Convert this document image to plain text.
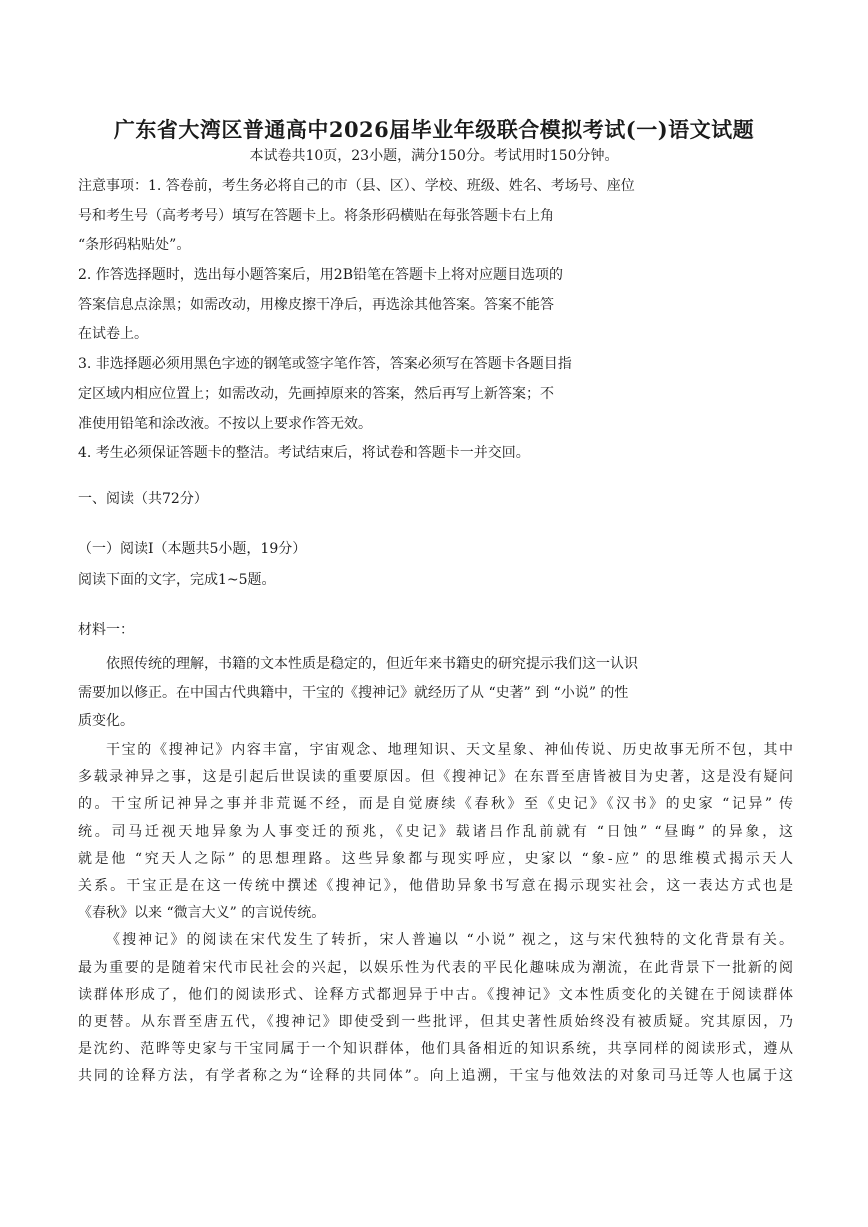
广东省大湾区普通高中2026届毕业年级联合模拟考试(一)语文试题
本试卷共10页，23小题，满分150分。考试用时150分钟。
注意事项：1. 答卷前，考生务必将自己的市（县、区）、学校、班级、姓名、考场号、座位
号和考生号（高考考号）填写在答题卡上。将条形码横贴在每张答题卡右上角
“条形码粘贴处”。
2. 作答选择题时，选出每小题答案后，用2B铅笔在答题卡上将对应题目选项的
答案信息点涂黑；如需改动，用橡皮擦干净后，再选涂其他答案。答案不能答
在试卷上。
3. 非选择题必须用黑色字迹的钢笔或签字笔作答，答案必须写在答题卡各题目指
定区域内相应位置上；如需改动，先画掉原来的答案，然后再写上新答案；不
准使用铅笔和涂改液。不按以上要求作答无效。
4. 考生必须保证答题卡的整洁。考试结束后，将试卷和答题卡一并交回。
一、阅读（共72分）
（一）阅读Ⅰ（本题共5小题，19分）
阅读下面的文字，完成1~5题。
材料一：
依照传统的理解，书籍的文本性质是稳定的，但近年来书籍史的研究提示我们这一认识
需要加以修正。在中国古代典籍中，干宝的《搜神记》就经历了从 “史著” 到 “小说” 的性
质变化。
干宝的《搜神记》内容丰富，宇宙观念、地理知识、天文星象、神仙传说、历史故事无所不包，其中
多载录神异之事，这是引起后世误读的重要原因。但《搜神记》在东晋至唐皆被目为史著，这是没有疑问
的。干宝所记神异之事并非荒诞不经，而是自觉赓续《春秋》至《史记》《汉书》的史家 “记异” 传
统。司马迁视天地异象为人事变迁的预兆，《史记》载诸吕作乱前就有 “日蚀” “昼晦” 的异象，这
就是他 “究天人之际” 的思想理路。这些异象都与现实呼应，史家以 “象-应” 的思维模式揭示天人
关系。干宝正是在这一传统中撰述《搜神记》，他借助异象书写意在揭示现实社会，这一表达方式也是
《春秋》以来 “微言大义” 的言说传统。
《搜神记》的阅读在宋代发生了转折，宋人普遍以 “小说” 视之，这与宋代独特的文化背景有关。
最为重要的是随着宋代市民社会的兴起，以娱乐性为代表的平民化趣味成为潮流，在此背景下一批新的阅
读群体形成了，他们的阅读形式、诠释方式都迥异于中古。《搜神记》文本性质变化的关键在于阅读群体
的更替。从东晋至唐五代，《搜神记》即使受到一些批评，但其史著性质始终没有被质疑。究其原因，乃
是沈约、范晔等史家与干宝同属于一个知识群体，他们具备相近的知识系统，共享同样的阅读形式，遵从
共同的诠释方法，有学者称之为“诠释的共同体”。向上追溯，干宝与他效法的对象司马迁等人也属于这
